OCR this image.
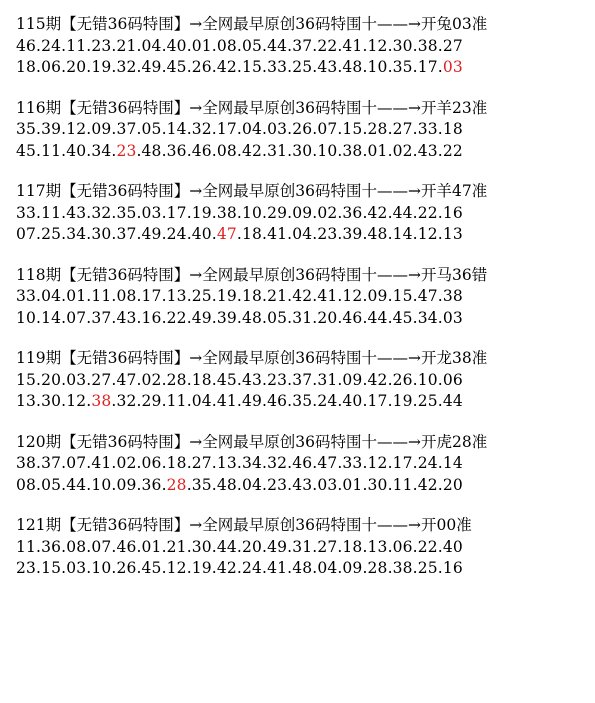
115期【无错36码特围】→全网最早原创36码特围十——→开兔03准
46.24.11.23.21.04.40.01.08.05.44.37.22.41.12.30.38.27
18.06.20.19.32.49.45.26.42.15.33.25.43.48.10.35.17.03
116期【无错36码特围】→全网最早原创36码特围十——→开羊23准
35.39.12.09.37.05.14.32.17.04.03.26.07.15.28.27.33.18
45.11.40.34.23.48.36.46.08.42.31.30.10.38.01.02.43.22
117期【无错36码特围】→全网最早原创36码特围十——→开羊47准
33.11.43.32.35.03.17.19.38.10.29.09.02.36.42.44.22.16
07.25.34.30.37.49.24.40.47.18.41.04.23.39.48.14.12.13
118期【无错36码特围】→全网最早原创36码特围十——→开马36错
33.04.01.11.08.17.13.25.19.18.21.42.41.12.09.15.47.38
10.14.07.37.43.16.22.49.39.48.05.31.20.46.44.45.34.03
119期【无错36码特围】→全网最早原创36码特围十——→开龙38准
15.20.03.27.47.02.28.18.45.43.23.37.31.09.42.26.10.06
13.30.12.38.32.29.11.04.41.49.46.35.24.40.17.19.25.44
120期【无错36码特围】→全网最早原创36码特围十——→开虎28准
38.37.07.41.02.06.18.27.13.34.32.46.47.33.12.17.24.14
08.05.44.10.09.36.28.35.48.04.23.43.03.01.30.11.42.20
121期【无错36码特围】→全网最早原创36码特围十——→开00准
11.36.08.07.46.01.21.30.44.20.49.31.27.18.13.06.22.40
23.15.03.10.26.45.12.19.42.24.41.48.04.09.28.38.25.16
